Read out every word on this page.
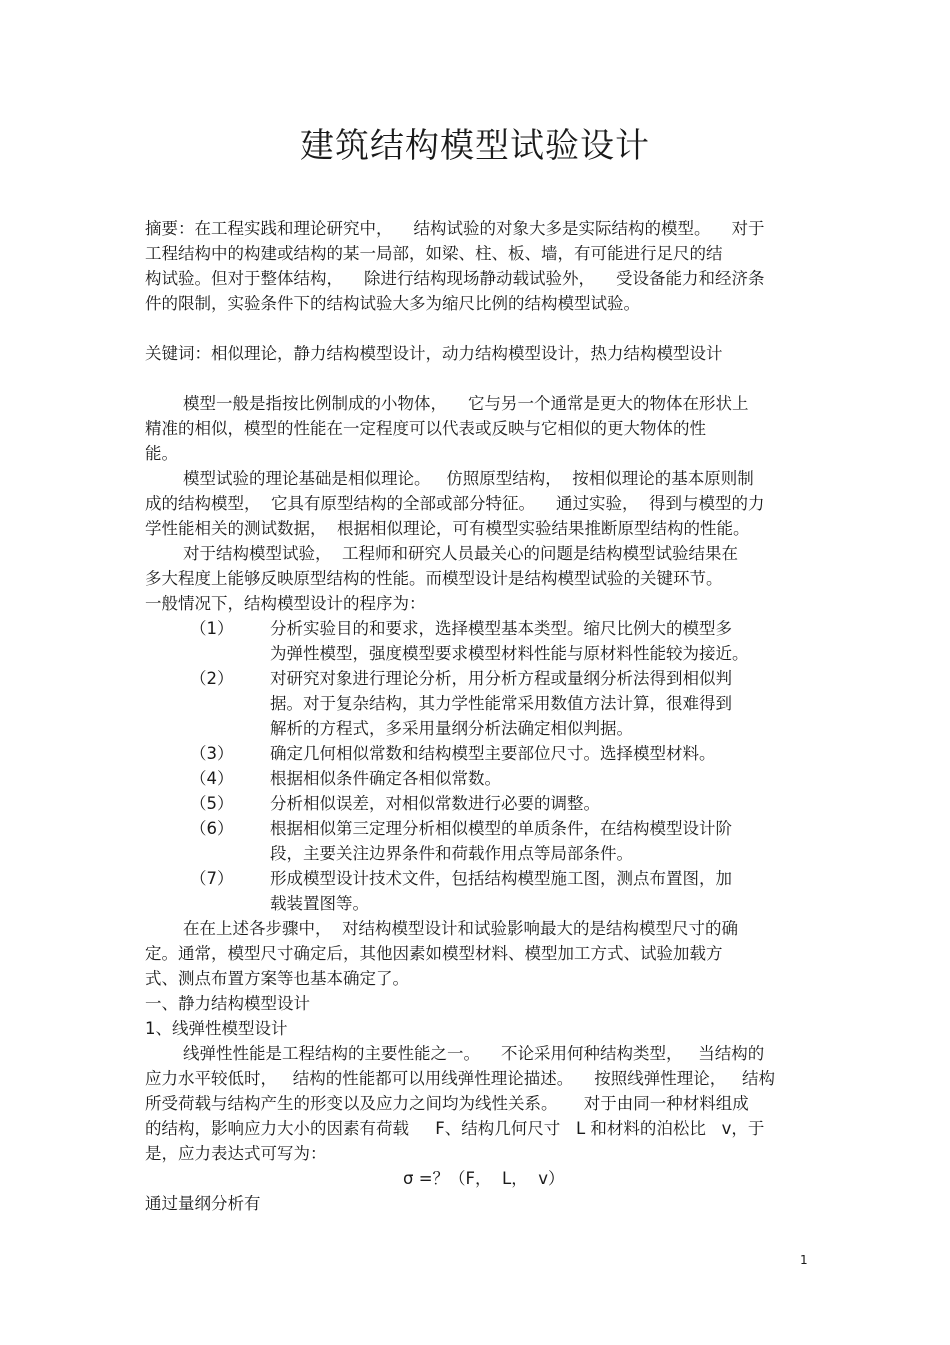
建筑结构模型试验设计
摘要：在工程实践和理论研究中，    结构试验的对象大多是实际结构的模型。    对于
工程结构中的构建或结构的某一局部，如梁、柱、板、墙，有可能进行足尺的结
构试验。但对于整体结构，    除进行结构现场静动载试验外，    受设备能力和经济条
件的限制，实验条件下的结构试验大多为缩尺比例的结构模型试验。
关键词：相似理论，静力结构模型设计，动力结构模型设计，热力结构模型设计
模型一般是指按比例制成的小物体，    它与另一个通常是更大的物体在形状上
精准的相似，模型的性能在一定程度可以代表或反映与它相似的更大物体的性
能。
模型试验的理论基础是相似理论。   仿照原型结构，  按相似理论的基本原则制
成的结构模型，  它具有原型结构的全部或部分特征。    通过实验，  得到与模型的力
学性能相关的测试数据，  根据相似理论，可有模型实验结果推断原型结构的性能。
对于结构模型试验，  工程师和研究人员最关心的问题是结构模型试验结果在
多大程度上能够反映原型结构的性能。而模型设计是结构模型试验的关键环节。
一般情况下，结构模型设计的程序为：
（1） 分析实验目的和要求，选择模型基本类型。缩尺比例大的模型多
为弹性模型，强度模型要求模型材料性能与原材料性能较为接近。
（2） 对研究对象进行理论分析，用分析方程或量纲分析法得到相似判
据。对于复杂结构，其力学性能常采用数值方法计算，很难得到
解析的方程式，多采用量纲分析法确定相似判据。
（3） 确定几何相似常数和结构模型主要部位尺寸。选择模型材料。
（4） 根据相似条件确定各相似常数。
（5） 分析相似误差，对相似常数进行必要的调整。
（6） 根据相似第三定理分析相似模型的单质条件，在结构模型设计阶
段，主要关注边界条件和荷载作用点等局部条件。
（7） 形成模型设计技术文件，包括结构模型施工图，测点布置图，加
载装置图等。
在在上述各步骤中，  对结构模型设计和试验影响最大的是结构模型尺寸的确
定。通常，模型尺寸确定后，其他因素如模型材料、模型加工方式、试验加载方
式、测点布置方案等也基本确定了。
一、静力结构模型设计
1、线弹性模型设计
线弹性性能是工程结构的主要性能之一。    不论采用何种结构类型，   当结构的
应力水平较低时，   结构的性能都可以用线弹性理论描述。    按照线弹性理论，   结构
所受荷载与结构产生的形变以及应力之间均为线性关系。     对于由同一种材料组成
的结构，影响应力大小的因素有荷载     F、结构几何尺寸   L 和材料的泊松比   v，于
是，应力表达式可写为：
σ =？（F，  L，  v）
通过量纲分析有
1
